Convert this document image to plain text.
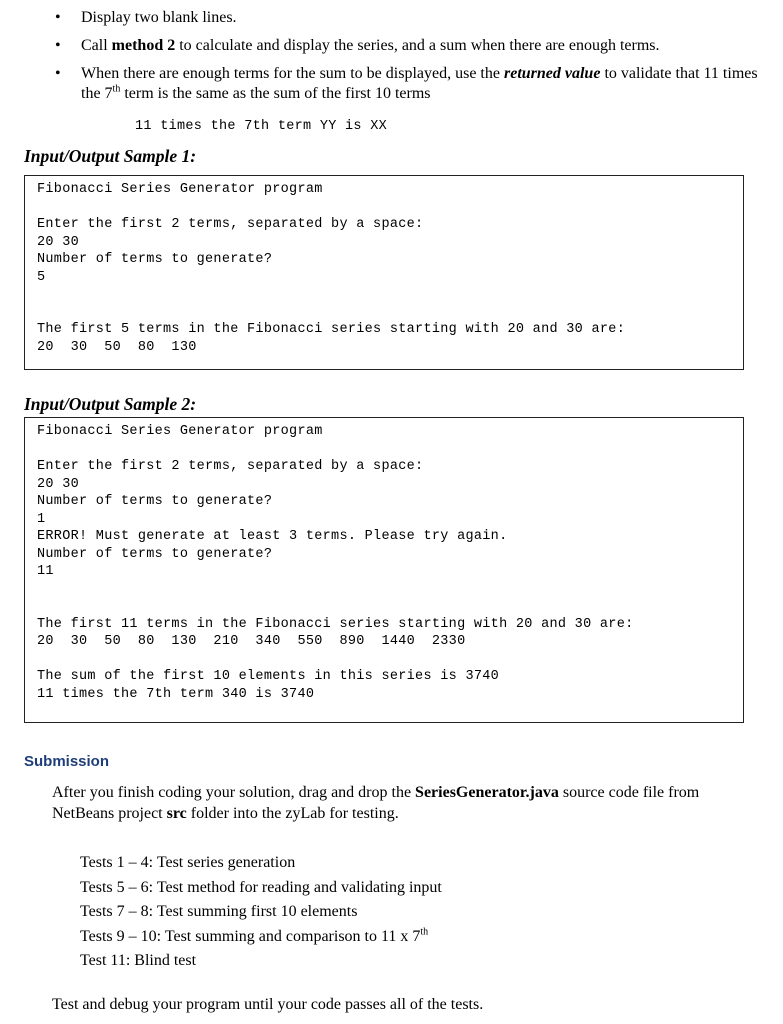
• Display two blank lines.
• Call method 2 to calculate and display the series, and a sum when there are enough terms.
• When there are enough terms for the sum to be displayed, use the returned value to validate that 11 times the 7th term is the same as the sum of the first 10 terms
11 times the 7th term YY is XX
Input/Output Sample 1:
Fibonacci Series Generator program
Enter the first 2 terms, separated by a space:
20 30
Number of terms to generate?
5
The first 5 terms in the Fibonacci series starting with 20 and 30 are:
20  30  50  80  130
Input/Output Sample 2:
Fibonacci Series Generator program
Enter the first 2 terms, separated by a space:
20 30
Number of terms to generate?
1
ERROR! Must generate at least 3 terms. Please try again.
Number of terms to generate?
11
The first 11 terms in the Fibonacci series starting with 20 and 30 are:
20  30  50  80  130  210  340  550  890  1440  2330
The sum of the first 10 elements in this series is 3740
11 times the 7th term 340 is 3740
Submission
After you finish coding your solution, drag and drop the SeriesGenerator.java source code file from NetBeans project src folder into the zyLab for testing.
Tests 1 – 4: Test series generation
Tests 5 – 6: Test method for reading and validating input
Tests 7 – 8: Test summing first 10 elements
Tests 9 – 10: Test summing and comparison to 11 x 7th
Test 11: Blind test
Test and debug your program until your code passes all of the tests.
